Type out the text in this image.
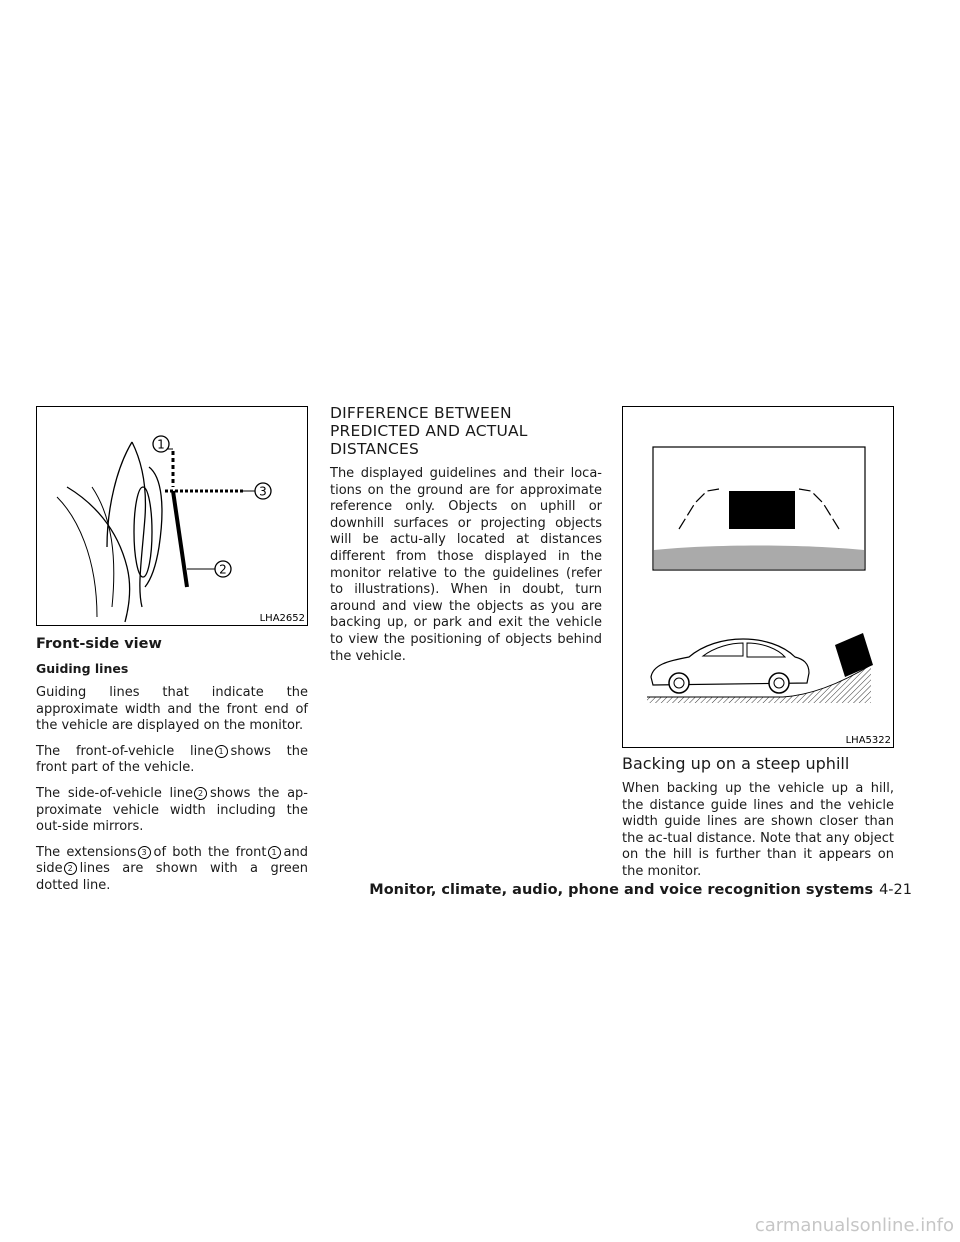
1
3
2
LHA2652
Front-side view
Guiding lines

Guiding lines that indicate the approximate width and the front end of the vehicle are displayed on the monitor.

The front-of-vehicle line 1 shows the front part of the vehicle.

The side-of-vehicle line 2 shows the ap-proximate vehicle width including the out-side mirrors.

The extensions 3 of both the front 1 and side 2 lines are shown with a green dotted line.

DIFFERENCE BETWEEN PREDICTED AND ACTUAL DISTANCES

The displayed guidelines and their loca-tions on the ground are for approximate reference only. Objects on uphill or downhill surfaces or projecting objects will be actu-ally located at distances different from those displayed in the monitor relative to the guidelines (refer to illustrations). When in doubt, turn around and view the objects as you are backing up, or park and exit the vehicle to view the positioning of objects behind the vehicle.

LHA5322
Backing up on a steep uphill

When backing up the vehicle up a hill, the distance guide lines and the vehicle width guide lines are shown closer than the ac-tual distance. Note that any object on the hill is further than it appears on the monitor.

Monitor, climate, audio, phone and voice recognition systems 4-21
carmanualsonline.info
